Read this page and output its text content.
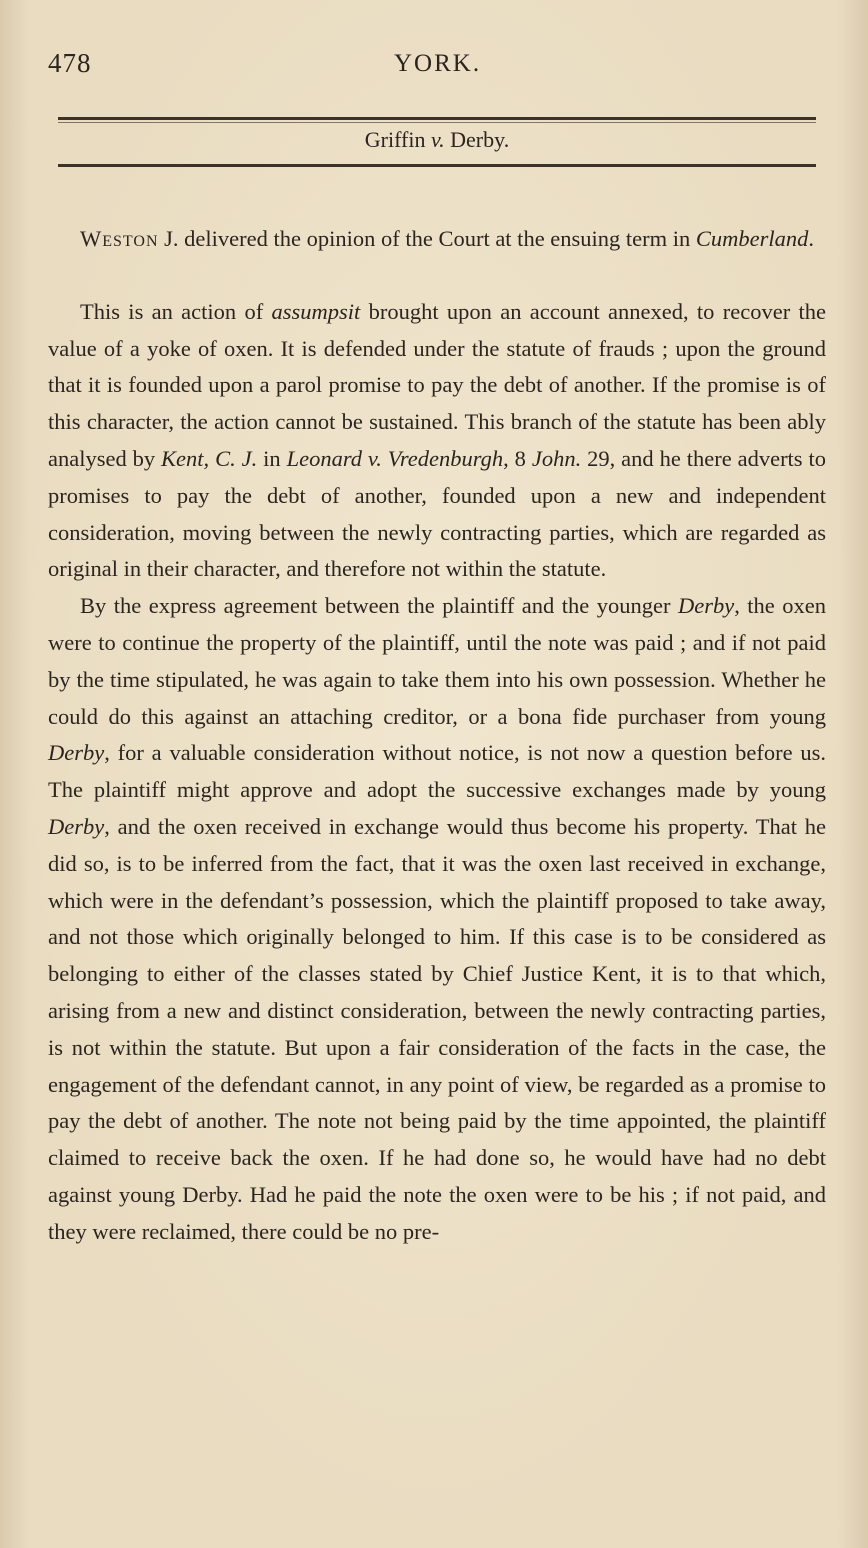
478	YORK.
Griffin v. Derby.

Weston J. delivered the opinion of the Court at the ensuing term in Cumberland.

This is an action of assumpsit brought upon an account annexed, to recover the value of a yoke of oxen. It is defended under the statute of frauds ; upon the ground that it is founded upon a parol promise to pay the debt of another. If the promise is of this character, the action cannot be sustained. This branch of the statute has been ably analysed by Kent, C. J. in Leonard v. Vredenburgh, 8 John. 29, and he there adverts to promises to pay the debt of another, founded upon a new and independent consideration, moving between the newly contracting parties, which are regarded as original in their character, and therefore not within the statute.

By the express agreement between the plaintiff and the younger Derby, the oxen were to continue the property of the plaintiff, until the note was paid ; and if not paid by the time stipulated, he was again to take them into his own possession. Whether he could do this against an attaching creditor, or a bona fide purchaser from young Derby, for a valuable consideration without notice, is not now a question before us. The plaintiff might approve and adopt the successive exchanges made by young Derby, and the oxen received in exchange would thus become his property. That he did so, is to be inferred from the fact, that it was the oxen last received in exchange, which were in the defendant’s possession, which the plaintiff proposed to take away, and not those which originally belonged to him. If this case is to be considered as belonging to either of the classes stated by Chief Justice Kent, it is to that which, arising from a new and distinct consideration, between the newly contracting parties, is not within the statute. But upon a fair consideration of the facts in the case, the engagement of the defendant cannot, in any point of view, be regarded as a promise to pay the debt of another. The note not being paid by the time appointed, the plaintiff claimed to receive back the oxen. If he had done so, he would have had no debt against young Derby. Had he paid the note the oxen were to be his ; if not paid, and they were reclaimed, there could be no pre-
